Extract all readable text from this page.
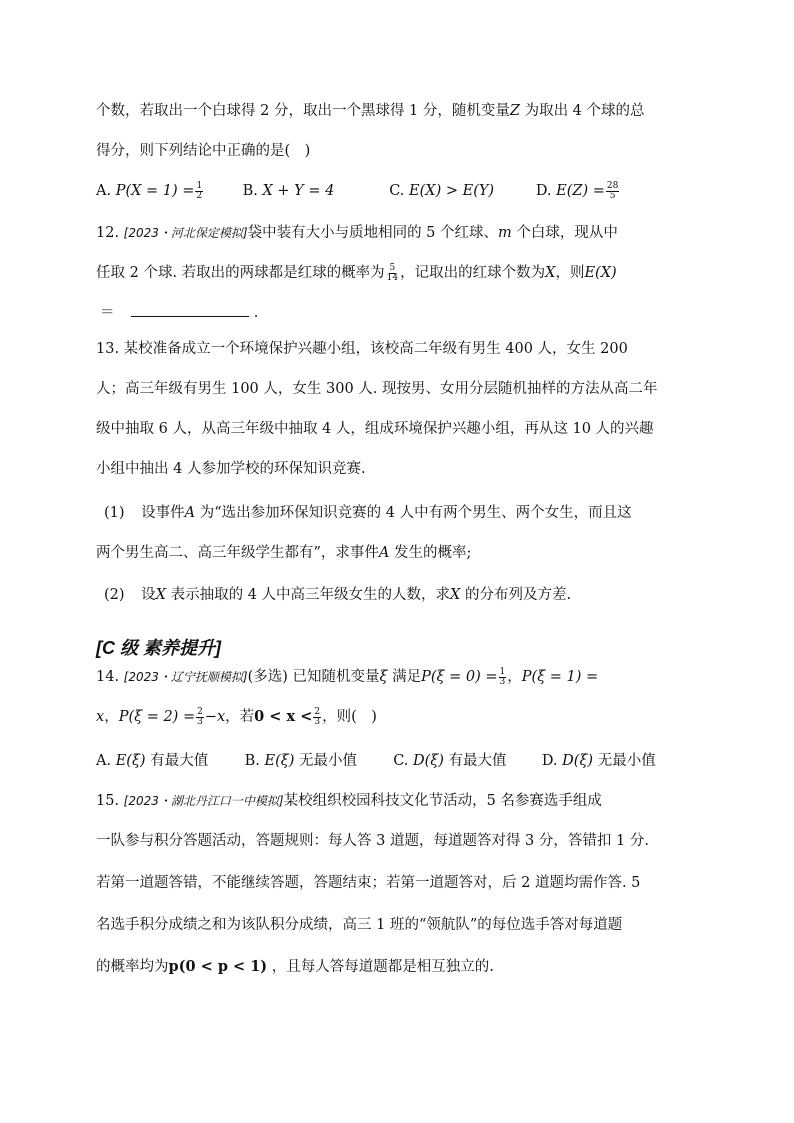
个数，若取出一个白球得 2 分，取出一个黑球得 1 分，随机变量Z 为取出 4 个球的总
得分，则下列结论中正确的是(　)
A. $P(X = 1) = \frac{1}{2}$	B. X + Y = 4	C. E(X) > E(Y)	D. $E(Z) = \frac{28}{5}$
12. [2023・河北保定模拟]袋中装有大小与质地相同的 5 个红球、m 个白球，现从中
任取 2 个球. 若取出的两球都是红球的概率为 $\frac{5}{14}$ ，记取出的红球个数为X，则E(X)
＝	.
13. 某校准备成立一个环境保护兴趣小组，该校高二年级有男生 400 人，女生 200
人；高三年级有男生 100 人，女生 300 人. 现按男、女用分层随机抽样的方法从高二年
级中抽取 6 人，从高三年级中抽取 4 人，组成环境保护兴趣小组，再从这 10 人的兴趣
小组中抽出 4 人参加学校的环保知识竞赛.
(1) 设事件A 为“选出参加环保知识竞赛的 4 人中有两个男生、两个女生，而且这
两个男生高二、高三年级学生都有”，求事件A 发生的概率;
(2) 设X 表示抽取的 4 人中高三年级女生的人数，求X 的分布列及方差.
[C 级 素养提升]
14. [2023・辽宁抚顺模拟](多选) 已知随机变量ξ 满足$P(\xi = 0) = \frac{1}{3}$ ，P(ξ = 1) =
x，$P(\xi = 2) = \frac{2}{3} -x$，若$0 < x < \frac{2}{3}$ ，则(　)
A. E(ξ) 有最大值	B. E(ξ) 无最小值 C. D(ξ) 有最大值 D. D(ξ) 无最小值
15. [2023・湖北丹江口一中模拟]某校组织校园科技文化节活动，5 名参赛选手组成
一队参与积分答题活动，答题规则：每人答 3 道题，每道题答对得 3 分，答错扣 1 分.
若第一道题答错，不能继续答题，答题结束；若第一道题答对，后 2 道题均需作答. 5
名选手积分成绩之和为该队积分成绩，高三 1 班的“领航队”的每位选手答对每道题
的概率均为p(0 < p < 1) ，且每人答每道题都是相互独立的.
